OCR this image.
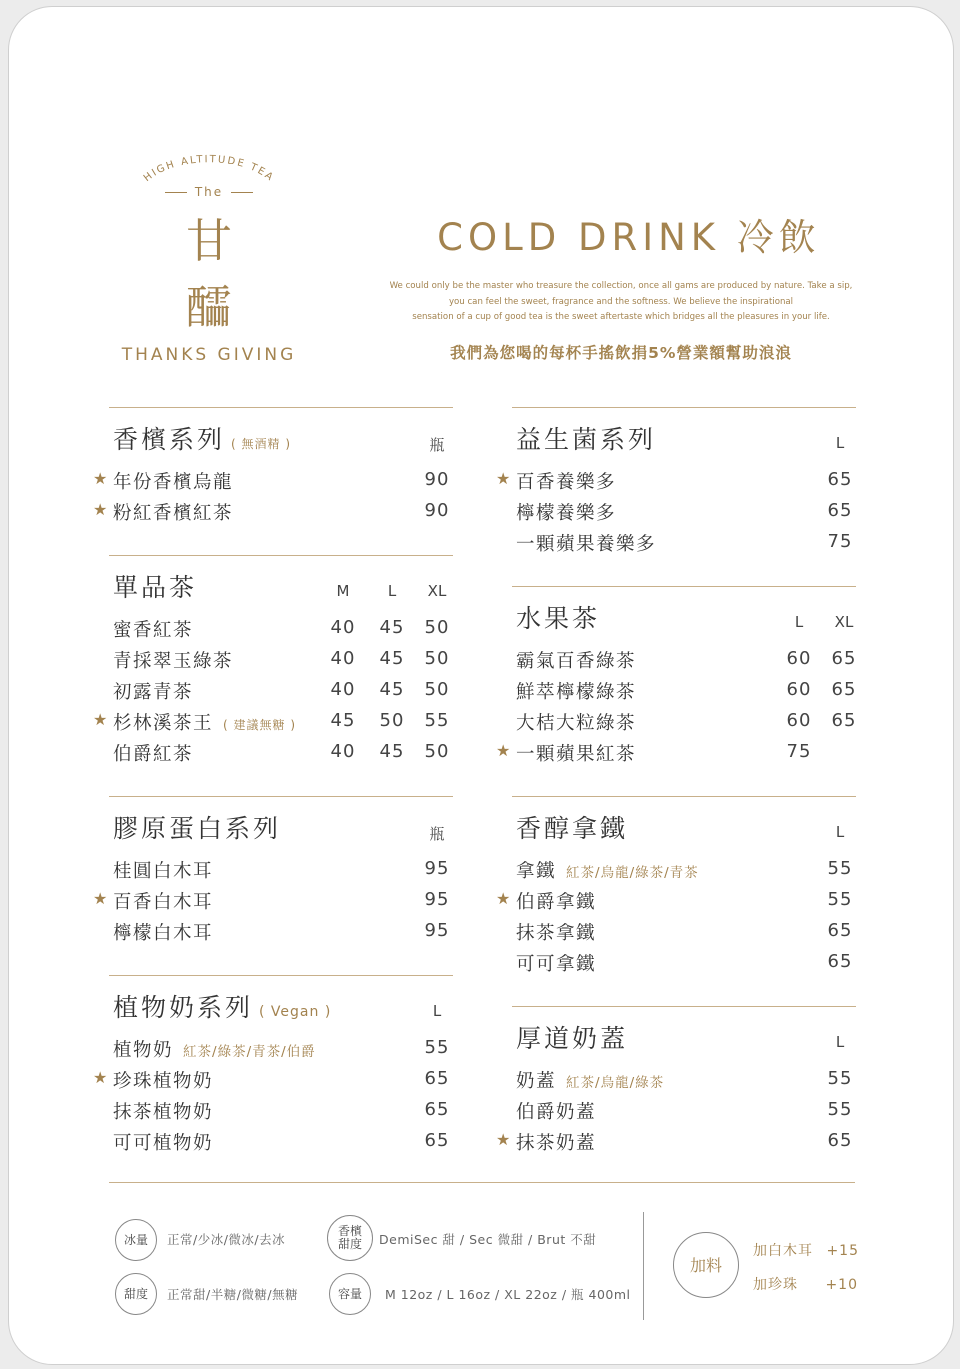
HIGH ALTITUDE TEA
The
甘
醽
THANKS GIVING
COLD DRINK 冷飲
We could only be the master who treasure the collection, once all gams are produced by nature. Take a sip,
you can feel the sweet, fragrance and the softness. We believe the inspirational
sensation of a cup of good tea is the sweet aftertaste which bridges all the pleasures in your life.
我們為您喝的每杯手搖飲捐5%營業額幫助浪浪
香檳系列 ( 無酒精 )	瓶
★ 年份香檳烏龍	90
★ 粉紅香檳紅茶	90
單品茶	M	L	XL
蜜香紅茶	40	45	50
青採翠玉綠茶	40	45	50
初露青茶	40	45	50
★ 杉林溪茶王 ( 建議無糖 )	45	50	55
伯爵紅茶	40	45	50
膠原蛋白系列	瓶
桂圓白木耳	95
★ 百香白木耳	95
檸檬白木耳	95
植物奶系列 ( Vegan )	L
植物奶 紅茶/綠茶/青茶/伯爵	55
★ 珍珠植物奶	65
抹茶植物奶	65
可可植物奶	65
益生菌系列	L
★ 百香養樂多	65
檸檬養樂多	65
一顆蘋果養樂多	75
水果茶	L	XL
霸氣百香綠茶	60	65
鮮萃檸檬綠茶	60	65
大桔大粒綠茶	60	65
★ 一顆蘋果紅茶	75
香醇拿鐵	L
拿鐵 紅茶/烏龍/綠茶/青茶	55
★ 伯爵拿鐵	55
抹茶拿鐵	65
可可拿鐵	65
厚道奶蓋	L
奶蓋 紅茶/烏龍/綠茶	55
伯爵奶蓋	55
★ 抹茶奶蓋	65
冰量 正常/少冰/微冰/去冰
甜度 正常甜/半糖/微糖/無糖
香檳
甜度 DemiSec 甜 / Sec 微甜 / Brut 不甜
容量 M 12oz / L 16oz / XL 22oz / 瓶 400ml
加料
加白木耳 +15
加珍珠 +10
